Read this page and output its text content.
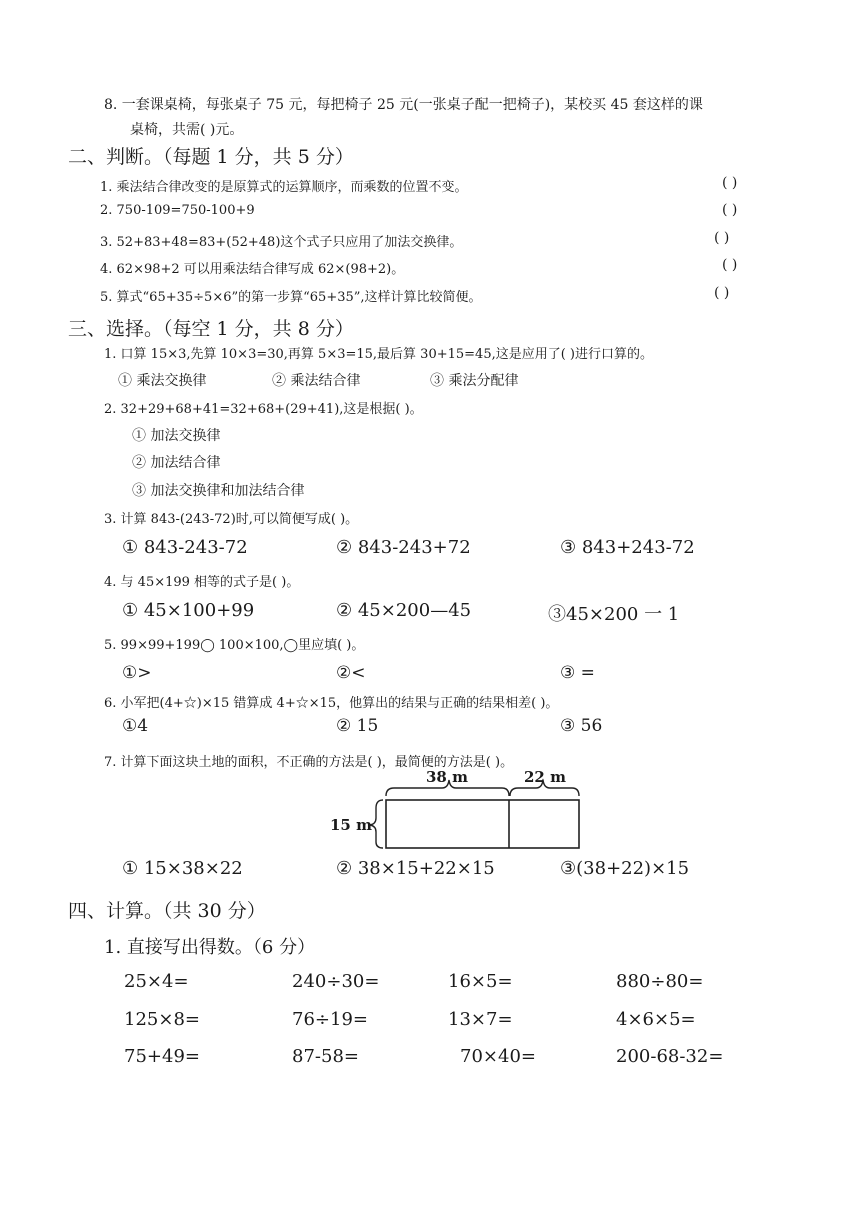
8. 一套课桌椅，每张桌子 75 元，每把椅子 25 元(一张桌子配一把椅子)，某校买 45 套这样的课
桌椅，共需( )元。
二、判断。（每题 1 分，共 5 分）
1. 乘法结合律改变的是原算式的运算顺序，而乘数的位置不变。	( )
2. 750-109=750-100+9	( )
3. 52+83+48=83+(52+48)这个式子只应用了加法交换律。	( )
4. 62×98+2 可以用乘法结合律写成 62×(98+2)。	( )
5. 算式“65+35÷5×6”的第一步算“65+35”,这样计算比较简便。	( )
三、选择。（每空 1 分，共 8 分）
1. 口算 15×3,先算 10×3=30,再算 5×3=15,最后算 30+15=45,这是应用了( )进行口算的。
① 乘法交换律	② 乘法结合律	③ 乘法分配律
2. 32+29+68+41=32+68+(29+41),这是根据( )。
① 加法交换律
② 加法结合律
③ 加法交换律和加法结合律
3. 计算 843-(243-72)时,可以简便写成( )。
① 843-243-72	② 843-243+72	③ 843+243-72
4. 与 45×199 相等的式子是( )。
① 45×100+99	② 45×200—45	③45×200 一 1
5. 99×99+199◯ 100×100,◯里应填( )。
①>	②<	③ =
6. 小军把(4+☆)×15 错算成 4+☆×15，他算出的结果与正确的结果相差( )。
①4	② 15	③ 56
7. 计算下面这块土地的面积，不正确的方法是( )，最简便的方法是( )。
38 m	22 m
15 m
① 15×38×22	② 38×15+22×15	③(38+22)×15
四、计算。（共 30 分）
1. 直接写出得数。（6 分）
25×4=	240÷30=	16×5=	880÷80=
125×8=	76÷19=	13×7=	4×6×5=
75+49=	87-58=	70×40=	200-68-32=
